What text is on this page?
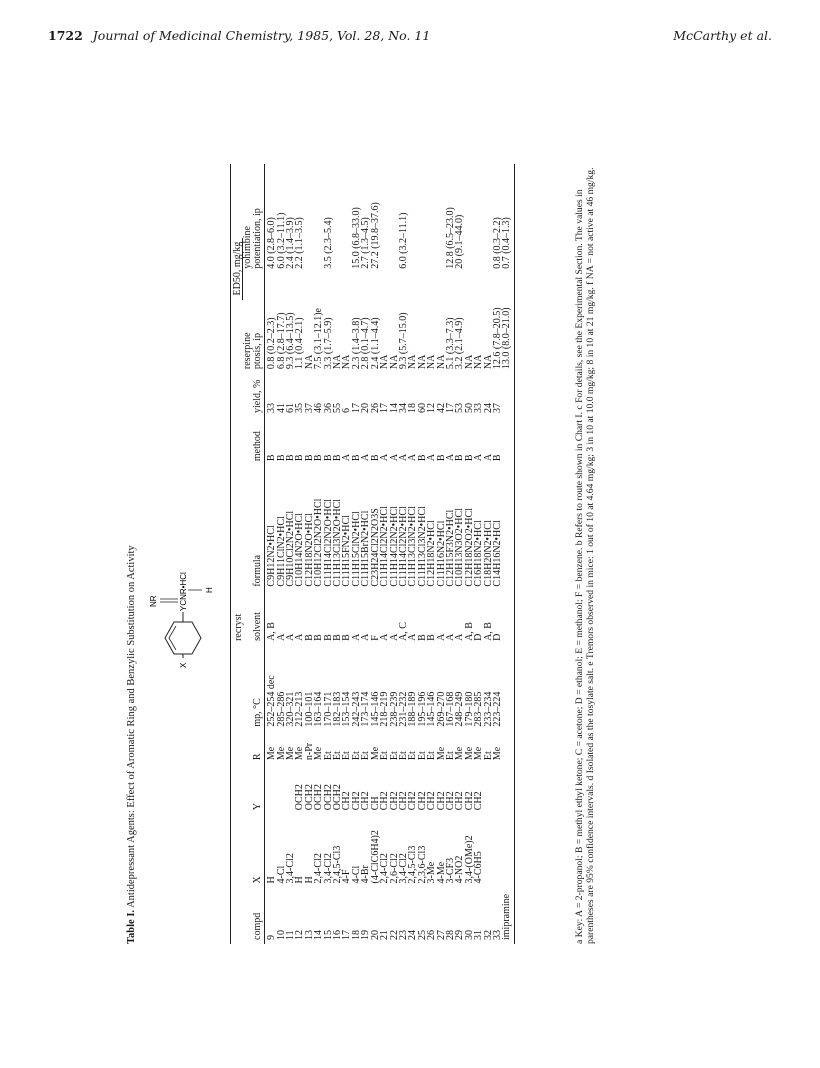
1722 Journal of Medicinal Chemistry, 1985, Vol. 28, No. 11	McCarthy et al.
Table I. Antidepressant Agents: Effect of Aromatic Ring and Benzylic Substitution on Activity	X
NR	YCNR•HCl H
					recryst				ED50, mg/kg	
									reserpine	yohimbine
compd	X	Y	R	mp, °C	solvent	formula	method	yield, %	ptosis, ip	potentiation, ip
9	H		Me	252–254 dec	A, B	C9H12N2•HCl	B	33	0.8 (0.2–2.3)	4.0 (2.8–6.0)
10	4-Cl		Me	285–286	A	C9H11ClN2•HCl	B	41	6.8 (2.8–17.7)	6.0 (3.2–11.1)
11	3,4-Cl2		Me	320–321	A	C9H10Cl2N2•HCl	B	61	9.3 (6.4–13.5)	2.4 (1.4–3.9)
12	H	OCH2	Me	212–213	A	C10H14N2O•HCl	B	35	1.1 (0.4–2.1)	2.2 (1.1–3.5)
13	H	OCH2	n-Pr	100–101	B	C12H18N2O•HCl	B	37	NA	
14	2,4-Cl2	OCH2	Me	163–164	B	C10H12Cl2N2O•HCl	B	46	7.5 (3.1–12.1)e	
15	3,4-Cl2	OCH2	Et	170–171	B	C11H14Cl2N2O•HCl	B	36	3.3 (1.7–5.9)	3.5 (2.3–5.4)
16	2,4,5-Cl3	OCH2	Et	182–183	B	C11H13Cl3N2O•HCl	B	55	NA	
17	4-F	CH2	Et	153–154	B	C11H15FN2•HCl	A	6	NA	
18	4-Cl	CH2	Et	242–243	A	C11H15ClN2•HCl	B	17	2.3 (1.4–3.8)	15.0 (6.8–33.0)
19	4-Br	CH2	Et	173–174	A	C11H15BrN2•HCl	A	20	2.8 (0.1–4.7)	2.7 (1.3–4.5)
20	(4-ClC6H4)2	CH	Me	145–146	F	C23H24Cl2N2O3S	B	26	2.4 (1.1–4.4)	27.2 (19.8–37.6)
21	2,4-Cl2	CH2	Et	218–219	A	C11H14Cl2N2•HCl	A	17	NA	
22	2,6-Cl2	CH2	Et	238–239	A	C11H14Cl2N2•HCl	A	14	NA	
23	3,4-Cl2	CH2	Et	231–232	A, C	C11H14Cl2N2•HCl	A	34	9.3 (5.7–15.0)	6.0 (3.2–11.1)
24	2,4,5-Cl3	CH2	Et	188–189	A	C11H13Cl3N2•HCl	A	18	NA	
25	2,3,6-Cl3	CH2	Et	195–196	B	C11H13Cl3N2•HCl	B	60	NA	
26	3-Me	CH2	Et	145–146	B	C12H18N2•HCl	A	12	NA	
27	4-Me	CH2	Me	269–270	A	C11H16N2•HCl	B	42	NA	
28	3-CF3	CH2	Et	167–168	A	C12H15F3N2•HCl	A	17	5.1 (3.3–7.3)	12.8 (6.5–23.0)
29	4-NO2	CH2	Me	248–249	A	C10H13N3O2•HCl	B	53	3.2 (2.1–4.9)	20 (9.1–44.0)
30	3,4-(OMe)2	CH2	Me	179–180	A, B	C12H18N2O2•HCl	B	50	NA	
31	4-C6H5	CH2	Me	283–285	D	C16H18N2•HCl	A	33	NA	
32			Et	233–234	A, B	C18H20N2•HCl	A	24	NA	
33			Me	223–224	D	C14H16N2•HCl	B	37	12.6 (7.8–20.5)	0.8 (0.3–2.2)
imipramine									13.0 (8.0–21.0)	0.7 (0.4–1.3)	a Key: A = 2-propanol; B = methyl ethyl ketone; C = acetone; D = ethanol; E = methanol; F = benzene. b Refers to route shown in Chart I. c For details, see the Experimental Section. The values in parentheses are 95% confidence intervals. d Isolated as the tosylate salt. e Tremors observed in mice: 1 out of 10 at 4.64 mg/kg; 3 in 10 at 10.0 mg/kg; 8 in 10 at 21 mg/kg. f NA = not active at 46 mg/kg.
